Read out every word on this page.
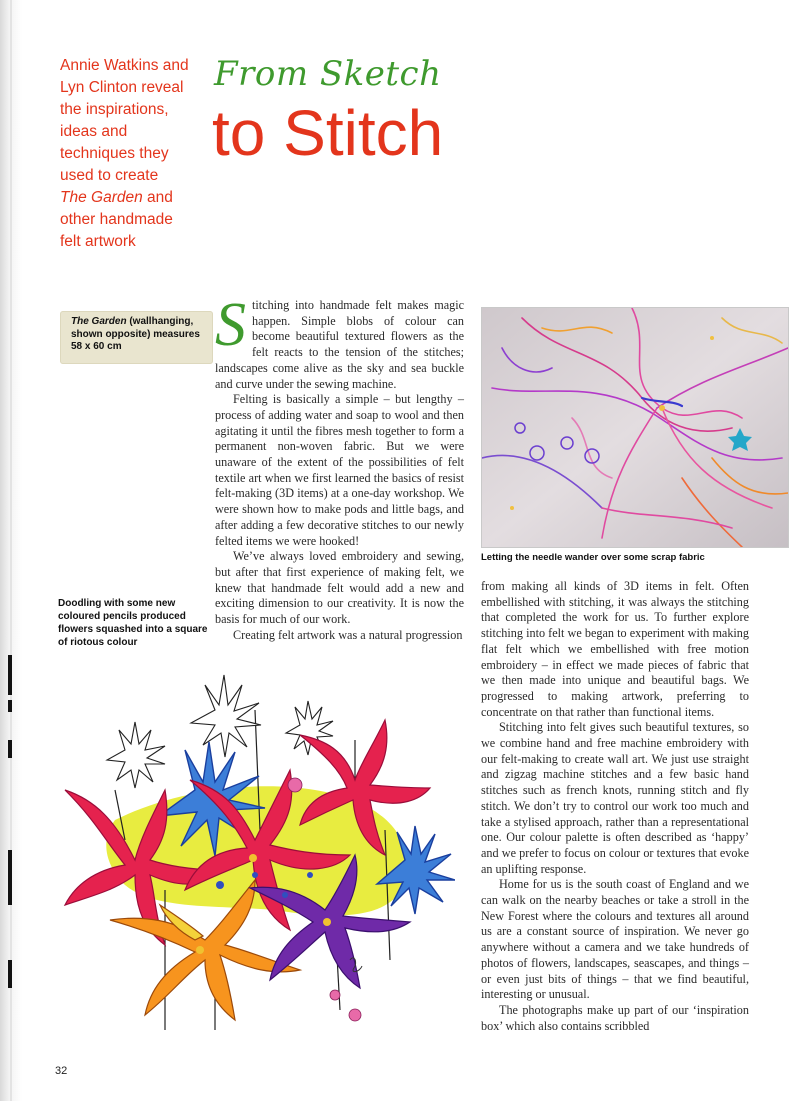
Annie Watkins and
Lyn Clinton reveal
the inspirations,
ideas and
techniques they
used to create
The Garden and
other handmade
felt artwork
From Sketch
to Stitch
The Garden (wallhanging,
shown opposite) measures
58 x 60 cm	Stitching into handmade felt makes magic happen. Simple blobs of colour can become beautiful textured flowers as the felt reacts to the tension of the stitches; landscapes come alive as the sky and sea buckle and curve under the sewing machine.

Felting is basically a simple – but lengthy – process of adding water and soap to wool and then agitating it until the fibres mesh together to form a permanent non-woven fabric. But we were unaware of the extent of the possibilities of felt textile art when we first learned the basics of resist felt-making (3D items) at a one-day workshop. We were shown how to make pods and little bags, and after adding a few decorative stitches to our newly felted items we were hooked!

We’ve always loved embroidery and sewing, but after that first experience of making felt, we knew that handmade felt would add a new and exciting dimension to our creativity. It is now the basis for much of our work.

Creating felt artwork was a natural progression

Letting the needle wander over some scrap fabric

from making all kinds of 3D items in felt. Often embellished with stitching, it was always the stitching that completed the work for us. To further explore stitching into felt we began to experiment with making flat felt which we embellished with free motion embroidery – in effect we made pieces of fabric that we then made into unique and beautiful bags. We progressed to making artwork, preferring to concentrate on that rather than functional items.

Stitching into felt gives such beautiful textures, so we combine hand and free machine embroidery with our felt-making to create wall art. We just use straight and zigzag machine stitches and a few basic hand stitches such as french knots, running stitch and fly stitch. We don’t try to control our work too much and take a stylised approach, rather than a representational one. Our colour palette is often described as ‘happy’ and we prefer to focus on colour or textures that evoke an uplifting response.

Home for us is the south coast of England and we can walk on the nearby beaches or take a stroll in the New Forest where the colours and textures all around us are a constant source of inspiration. We never go anywhere without a camera and we take hundreds of photos of flowers, landscapes, seascapes, and things – or even just bits of things – that we find beautiful, interesting or unusual.

The photographs make up part of our ‘inspiration box’ which also contains scribbled

Doodling with some new coloured pencils produced flowers squashed into a square of riotous colour
32
